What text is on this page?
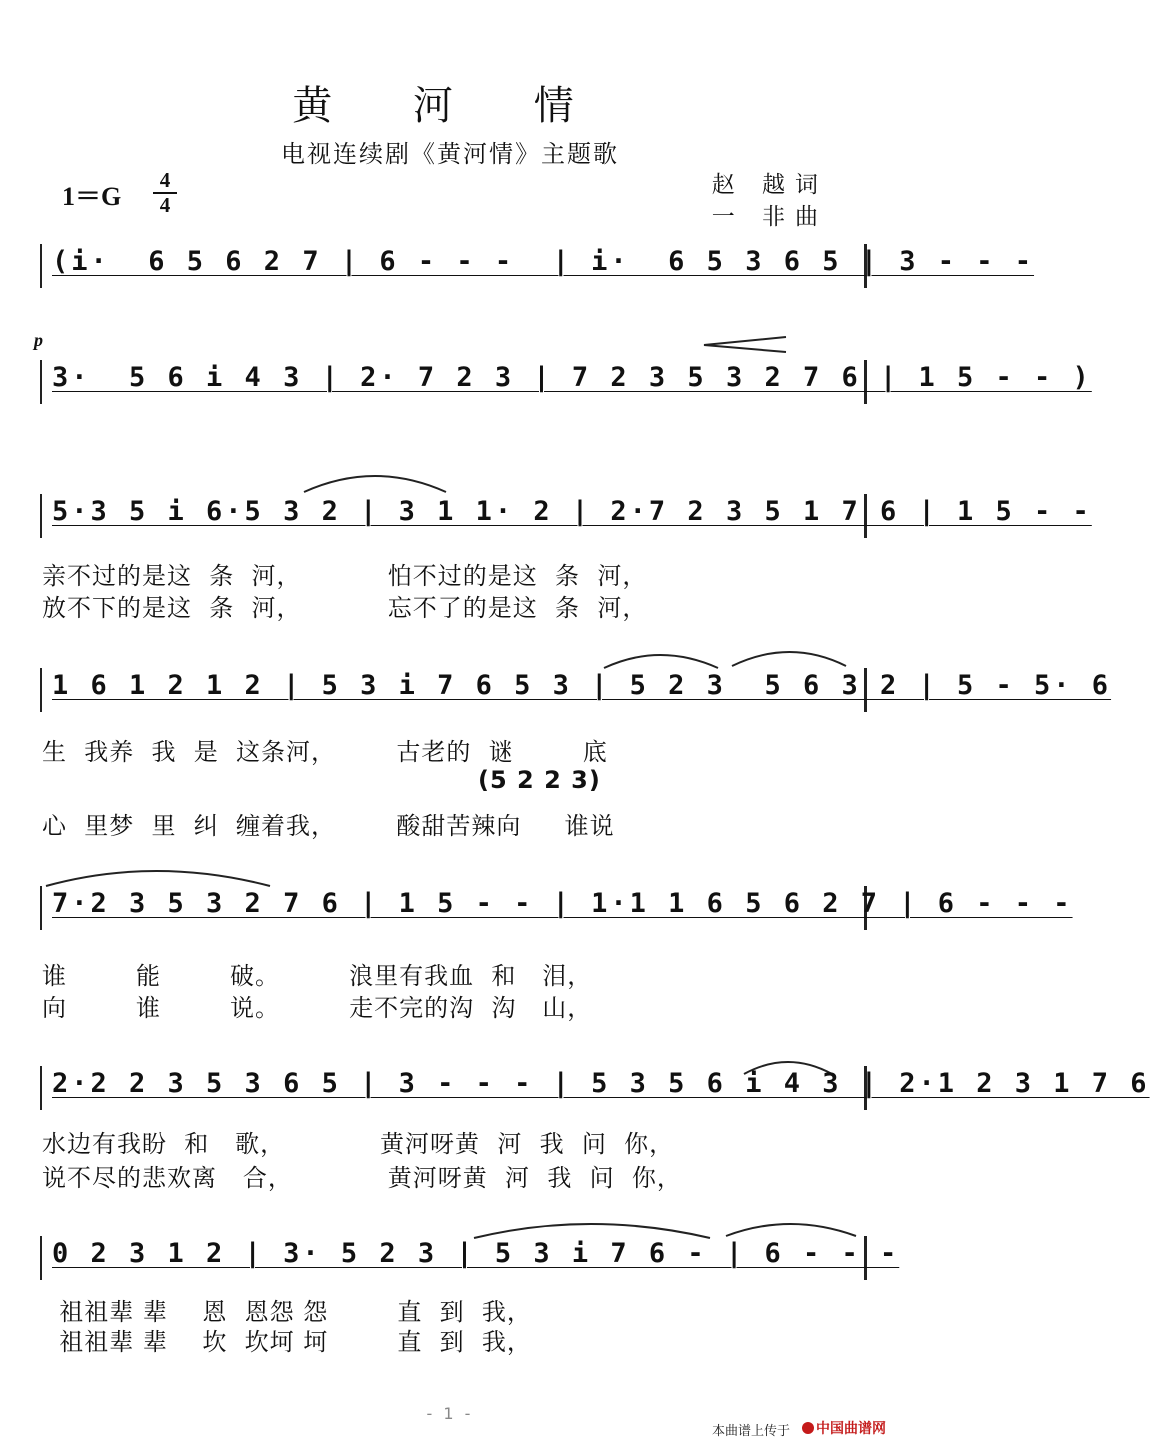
黄 河 情
电视连续剧《黄河情》主题歌
1＝G
4
4
赵 越词
一 非曲
(i·  6 5 6 2 7 | 6 - - -  | i·  6 5 3 6 5 | 3 - - -
p
3·  5 6 i 4 3 | 2· 7 2 3 | 7 2 3 5 3 2 7 6 | 1 5 - - )
5·3 5 i 6·5 3 2 | 3 1 1· 2 | 2·7 2 3 5 1 7 6 | 1 5 - -
亲不过的是这  条  河，          怕不过的是这  条  河，
放不下的是这  条  河，          忘不了的是这  条  河，
1 6 1 2 1 2 | 5 3 i 7 6 5 3 | 5 2 3  5 6 3 2 | 5 - 5· 6
生  我养  我  是  这条河，       古老的  谜        底
(5 2 2 3)
心  里梦  里  纠  缠着我，       酸甜苦辣向     谁说
7·2 3 5 3 2 7 6 | 1 5 - - | 1·1 1 6 5 6 2 7 | 6 - - -
谁        能        破。        浪里有我血  和   泪，
向        谁        说。        走不完的沟  沟   山，
2·2 2 3 5 3 6 5 | 3 - - - | 5 3 5 6 i 4 3 | 2·1 2 3 1 7 6
水边有我盼  和   歌，           黄河呀黄  河  我  问  你，
说不尽的悲欢离   合，           黄河呀黄  河  我  问  你，
0 2 3 1 2 | 3· 5 2 3 | 5 3 i 7 6 - | 6 - - -
祖祖辈 辈    恩  恩怨 怨        直  到  我，
祖祖辈 辈    坎  坎坷 坷        直  到  我，
- 1 -
本曲谱上传于	中国曲谱网
